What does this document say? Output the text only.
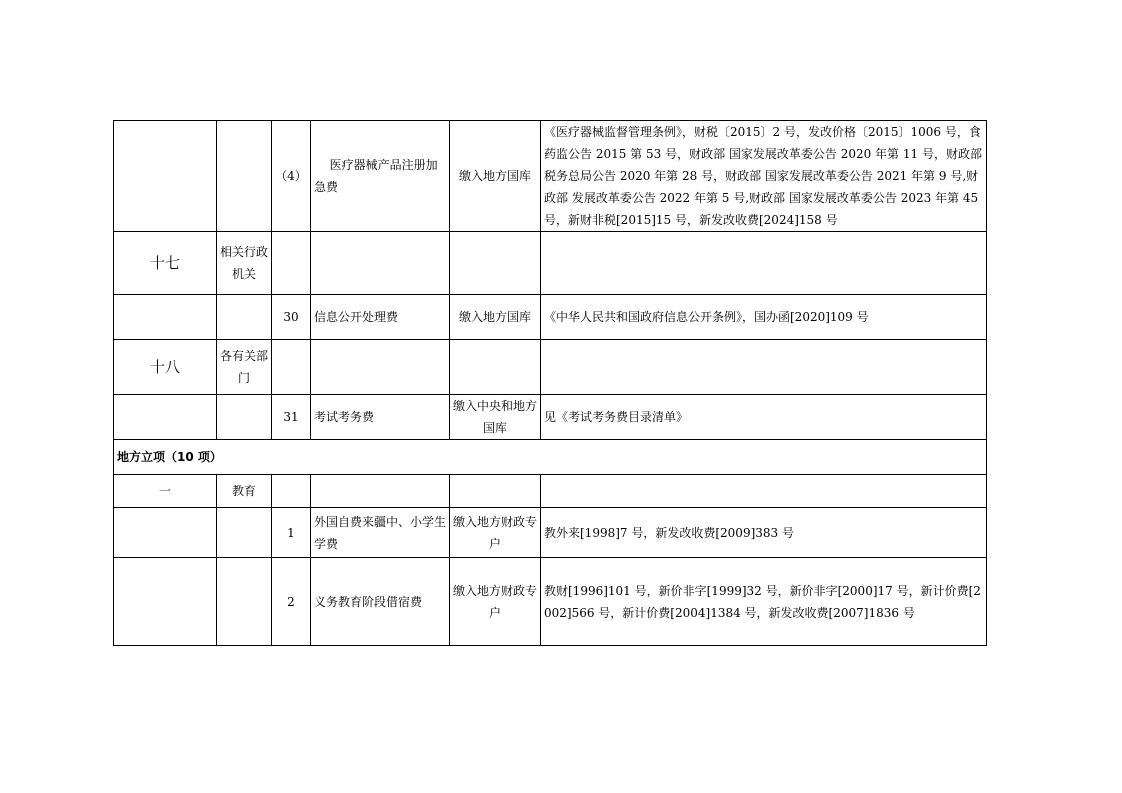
		（4）	医疗器械产品注册加急费	缴入地方国库	《医疗器械监督管理条例》，财税〔2015〕2 号，发改价格〔2015〕1006 号，食药监公告 2015 第 53 号，财政部 国家发展改革委公告 2020 年第 11 号，财政部 税务总局公告 2020 年第 28 号，财政部 国家发展改革委公告 2021 年第 9 号,财政部 发展改革委公告 2022 年第 5 号,财政部 国家发展改革委公告 2023 年第 45 号，新财非税[2015]15 号，新发改收费[2024]158 号
十七	相关行政机关				
		30	信息公开处理费	缴入地方国库	《中华人民共和国政府信息公开条例》，国办函[2020]109 号
十八	各有关部门				
		31	考试考务费	缴入中央和地方国库	见《考试考务费目录清单》
地方立项（10 项）					
一	教育				
		1	外国自费来疆中、小学生学费	缴入地方财政专户	教外来[1998]7 号，新发改收费[2009]383 号
		2	义务教育阶段借宿费	缴入地方财政专户	教财[1996]101 号，新价非字[1999]32 号，新价非字[2000]17 号，新计价费[2002]566 号，新计价费[2004]1384 号，新发改收费[2007]1836 号
